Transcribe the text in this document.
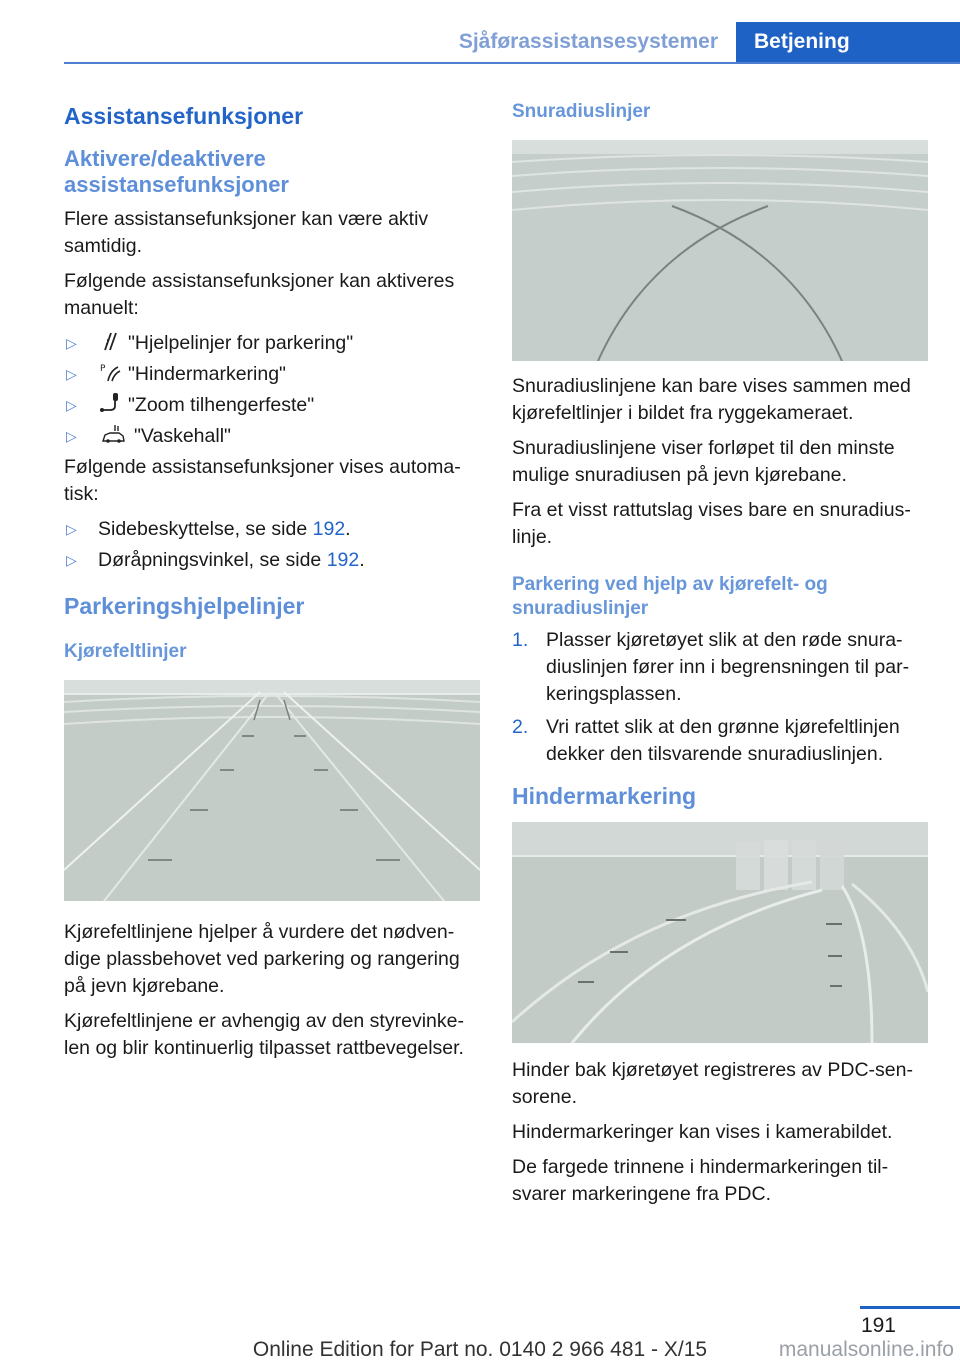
Sjåførassistansesystemer	Betjening
Assistansefunksjoner
Aktivere/deaktivere assistansefunksjoner

Flere assistansefunksjoner kan være aktiv samtidig.

Følgende assistansefunksjoner kan aktiveres manuelt:

▷	"Hjelpelinjer for parkering"
▷	P "Hindermarkering"
▷	"Zoom tilhengerfeste"
▷	"Vaskehall"

Følgende assistansefunksjoner vises automa-tisk:

▷	Sidebeskyttelse, se side 192.
▷	Døråpningsvinkel, se side 192.
Parkeringshjelpelinjer
Kjørefeltlinjer

Kjørefeltlinjene hjelper å vurdere det nødven-dige plassbehovet ved parkering og rangering på jevn kjørebane.

Kjørefeltlinjene er avhengig av den styrevinke-len og blir kontinuerlig tilpasset rattbevegelser.

Snuradiuslinjer

Snuradiuslinjene kan bare vises sammen med kjørefeltlinjer i bildet fra ryggekameraet.

Snuradiuslinjene viser forløpet til den minste mulige snuradiusen på jevn kjørebane.

Fra et visst rattutslag vises bare en snuradius-linje.

Parkering ved hjelp av kjørefelt- og snuradiuslinjer
1. Plasser kjøretøyet slik at den røde snura-diuslinjen fører inn i begrensningen til par-keringsplassen.
2. Vri rattet slik at den grønne kjørefeltlinjen dekker den tilsvarende snuradiuslinjen.
Hindermarkering

Hinder bak kjøretøyet registreres av PDC-sen-sorene.

Hindermarkeringer kan vises i kamerabildet.

De fargede trinnene i hindermarkeringen til-svarer markeringene fra PDC.

191
Online Edition for Part no. 0140 2 966 481 - X/15	manualsonline.info
